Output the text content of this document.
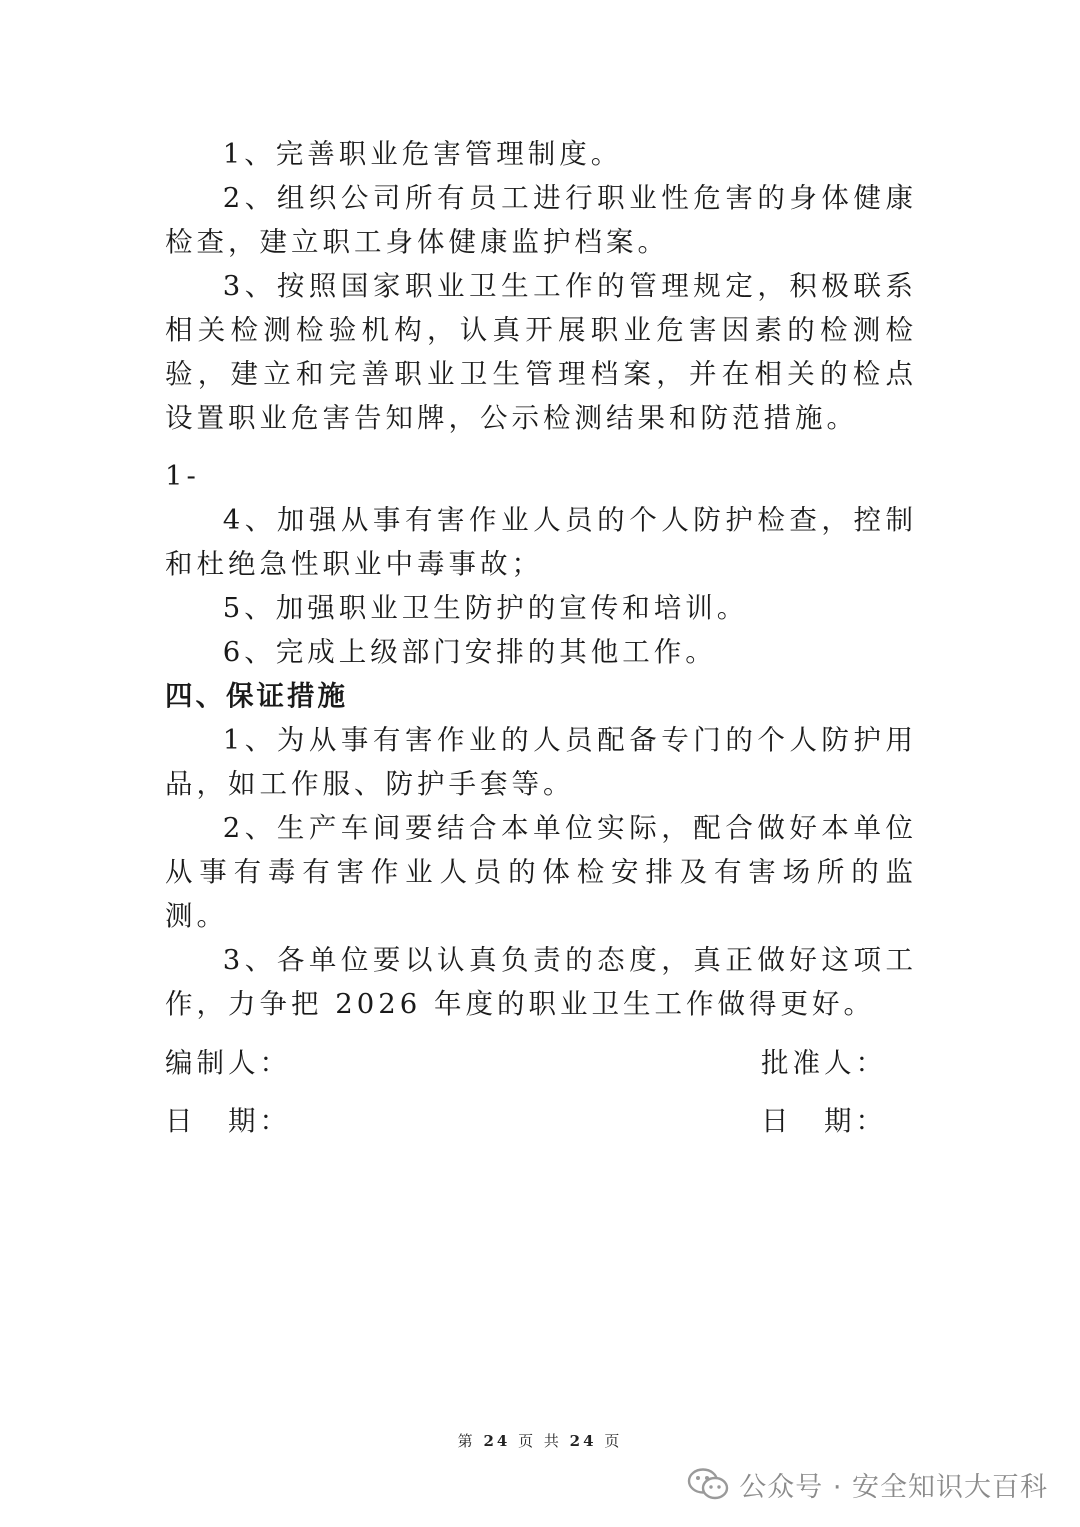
1、完善职业危害管理制度。

2、组织公司所有员工进行职业性危害的身体健康检查，建立职工身体健康监护档案。

3、按照国家职业卫生工作的管理规定，积极联系相关检测检验机构，认真开展职业危害因素的检测检验，建立和完善职业卫生管理档案，并在相关的检点设置职业危害告知牌，公示检测结果和防范措施。

1-

4、加强从事有害作业人员的个人防护检查，控制和杜绝急性职业中毒事故；

5、加强职业卫生防护的宣传和培训。

6、完成上级部门安排的其他工作。

四、保证措施

1、为从事有害作业的人员配备专门的个人防护用品，如工作服、防护手套等。

2、生产车间要结合本单位实际，配合做好本单位从事有毒有害作业人员的体检安排及有害场所的监测。

3、各单位要以认真负责的态度，真正做好这项工作，力争把 2026 年度的职业卫生工作做得更好。

编制人：	批准人：
日　期：	日　期：
第 24 页 共 24 页
公众号 · 安全知识大百科
